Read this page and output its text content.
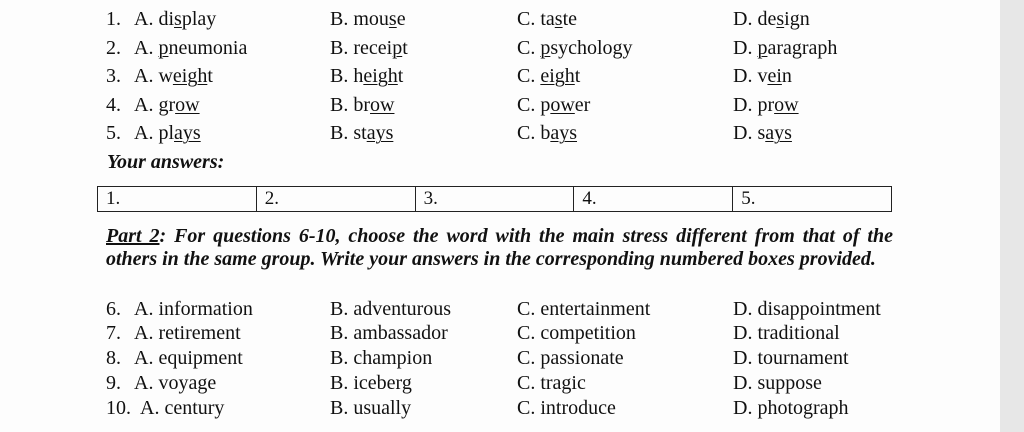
1. A. display	B. mouse	C. taste	D. design
2. A. pneumonia	B. receipt	C. psychology	D. paragraph
3. A. weight	B. height	C. eight	D. vein
4. A. grow	B. brow	C. power	D. prow
5. A. plays	B. stays	C. bays	D. says
Your answers:
1.	2.	3.	4.	5.
Part 2: For questions 6-10, choose the word with the main stress different from that of the others in the same group. Write your answers in the corresponding numbered boxes provided.
6. A. information	B. adventurous	C. entertainment	D. disappointment
7. A. retirement	B. ambassador	C. competition	D. traditional
8. A. equipment	B. champion	C. passionate	D. tournament
9. A. voyage	B. iceberg	C. tragic	D. suppose
10. A. century	B. usually	C. introduce	D. photograph
